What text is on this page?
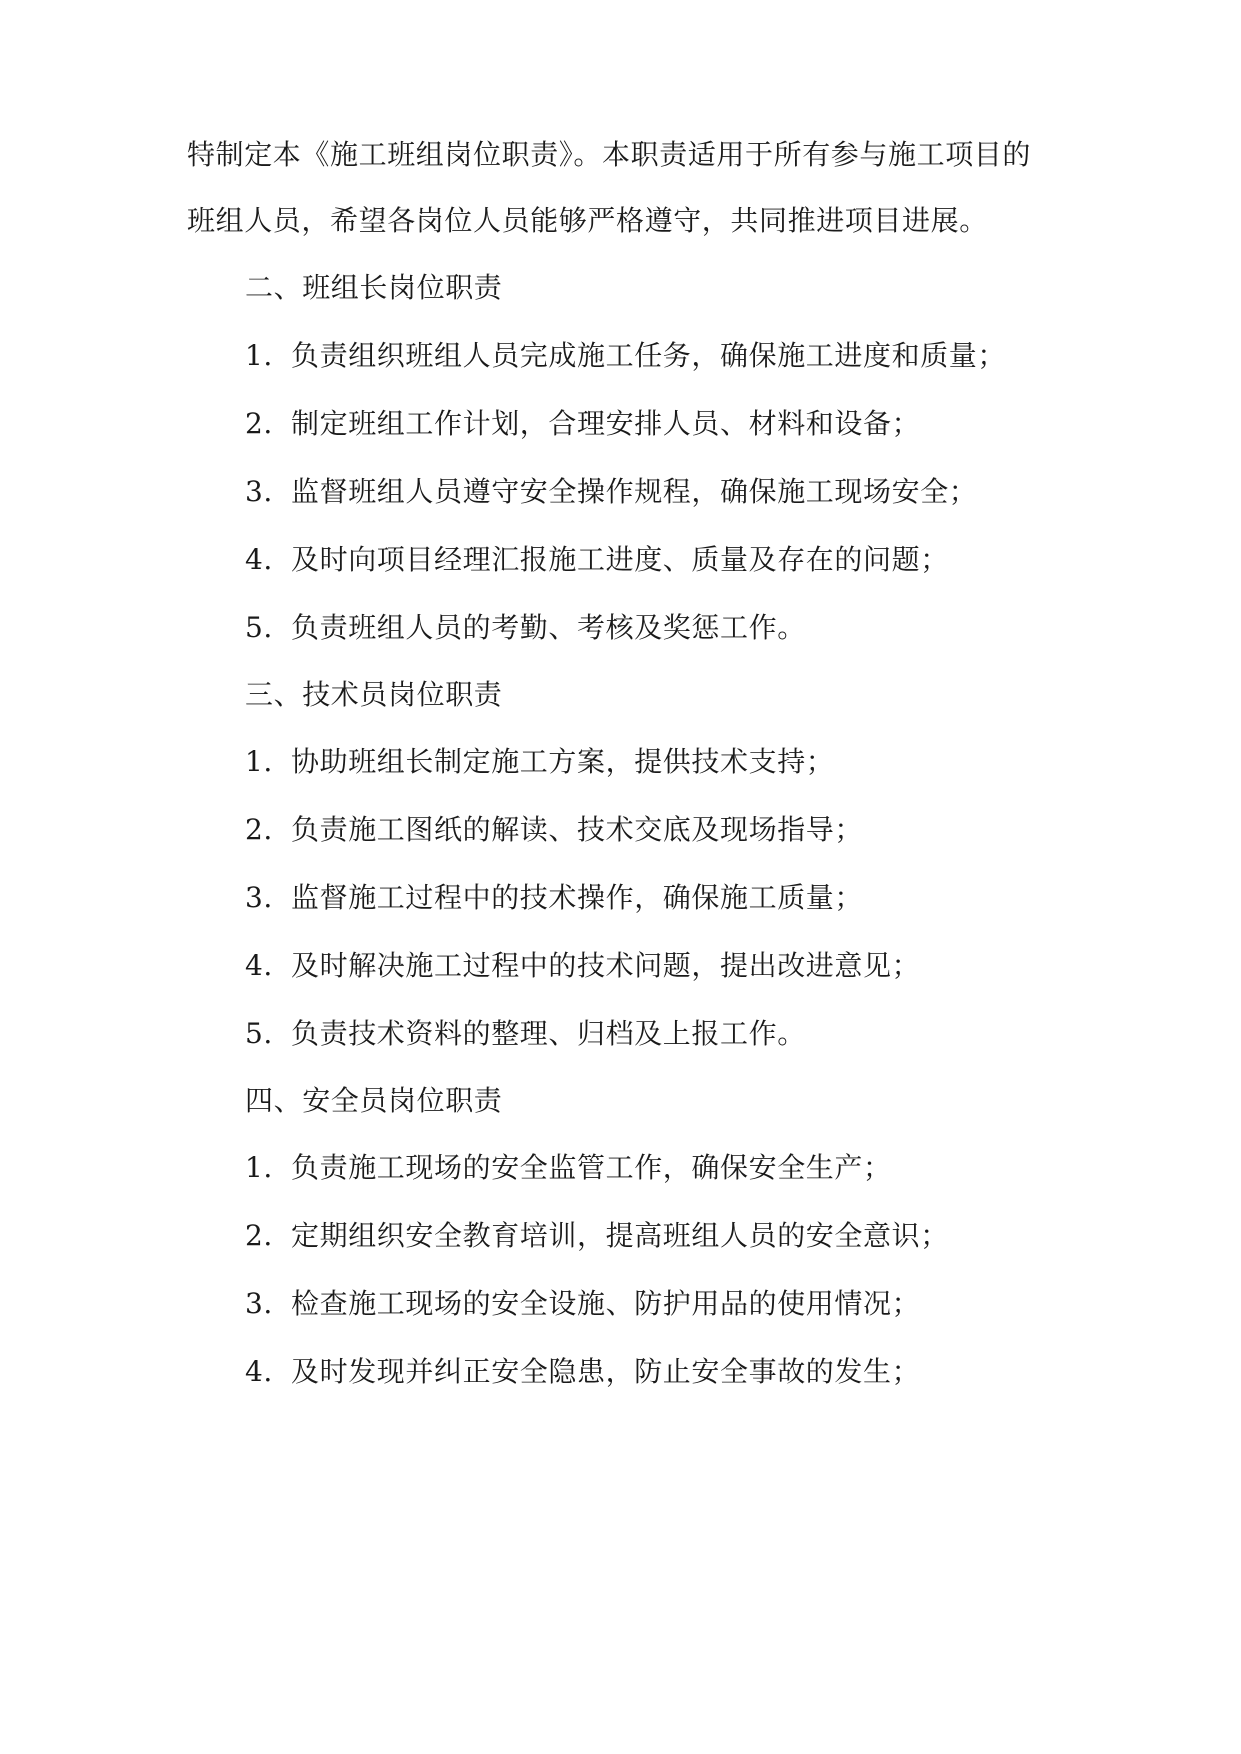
特制定本《施工班组岗位职责》。本职责适用于所有参与施工项目的
班组人员，希望各岗位人员能够严格遵守，共同推进项目进展。
二、班组长岗位职责
1. 负责组织班组人员完成施工任务，确保施工进度和质量；
2. 制定班组工作计划，合理安排人员、材料和设备；
3. 监督班组人员遵守安全操作规程，确保施工现场安全；
4. 及时向项目经理汇报施工进度、质量及存在的问题；
5. 负责班组人员的考勤、考核及奖惩工作。
三、技术员岗位职责
1. 协助班组长制定施工方案，提供技术支持；
2. 负责施工图纸的解读、技术交底及现场指导；
3. 监督施工过程中的技术操作，确保施工质量；
4. 及时解决施工过程中的技术问题，提出改进意见；
5. 负责技术资料的整理、归档及上报工作。
四、安全员岗位职责
1. 负责施工现场的安全监管工作，确保安全生产；
2. 定期组织安全教育培训，提高班组人员的安全意识；
3. 检查施工现场的安全设施、防护用品的使用情况；
4. 及时发现并纠正安全隐患，防止安全事故的发生；
